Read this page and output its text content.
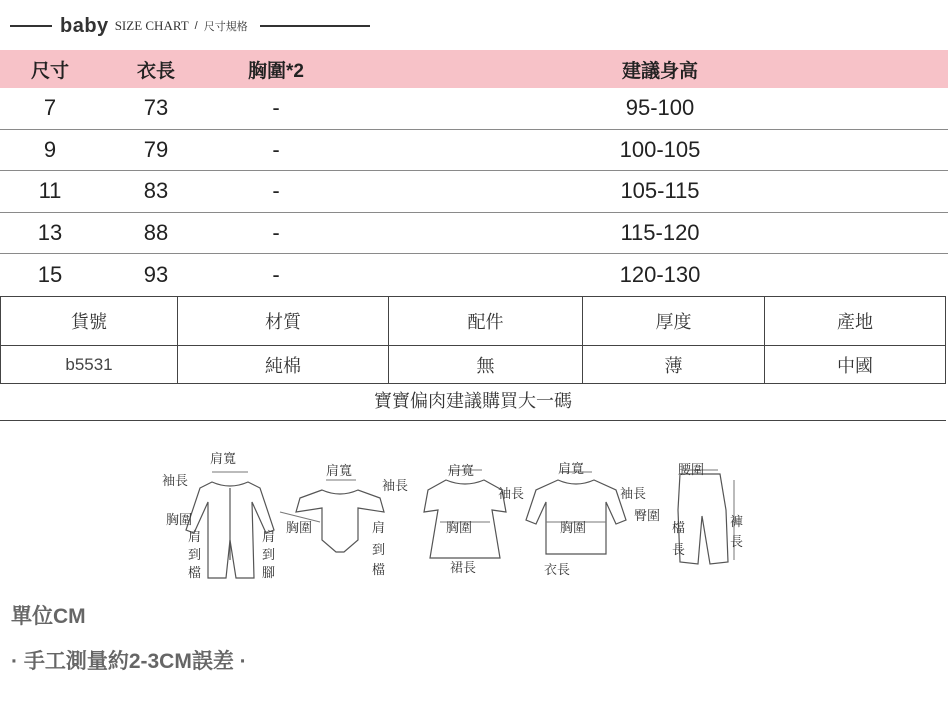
baby SIZE CHART / 尺寸規格
尺寸	衣長	胸圍*2	建議身高
7	73	-	95-100
9	79	-	100-105
11	83	-	105-115
13	88	-	115-120
15	93	-	120-130
貨號	材質	配件	厚度	產地
b5531	純棉	無	薄	中國
寶寶偏肉建議購買大一碼
肩寬
袖長
胸圍
肩
到
檔
肩
到
腳
肩寬
袖長
胸圍	肩
到
檔
肩寬
胸圍
裙長
袖長
肩寬
胸圍
衣長
袖長
腰圍
臀圍
檔
長
褲
長
單位CM
· 手工測量約2-3CM誤差 ·
